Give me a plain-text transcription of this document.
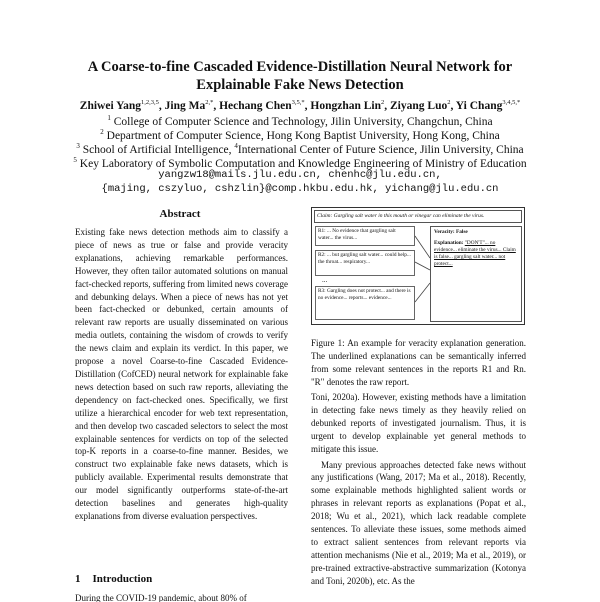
A Coarse-to-fine Cascaded Evidence-Distillation Neural Network for
Explainable Fake News Detection
Zhiwei Yang$^{1,2,3,5}$, Jing $Ma^{2,*}$, Hechang Chen$^{3,5,*}$, Hongzhan Lin$^2$, Ziyang Luo$^2$, Yi Chang$^{3,4,5,*}$
$^1$ College of Computer Science and Technology, Jilin University, Changchun, China
$^2$ Department of Computer Science, Hong Kong Baptist University, Hong Kong, China
$^3$ School of Artificial Intelligence, $^4$International Center of Future Science, Jilin University, China
$^5$ Key Laboratory of Symbolic Computation and Knowledge Engineering of Ministry of Education
yangzw18@mails.jlu.edu.cn, chenhc@jlu.edu.cn,
{majing, cszyluo, cshzlin}@comp.hkbu.edu.hk, yichang@jlu.edu.cn
Abstract
Existing fake news detection methods aim to classify a piece of news as true or false and provide veracity explanations, achieving remarkable performances. However, they often tailor automated solutions on manual fact-checked reports, suffering from limited news coverage and debunking delays. When a piece of news has not yet been fact-checked or debunked, certain amounts of relevant raw reports are usually disseminated on various media outlets, containing the wisdom of crowds to verify the news claim and explain its verdict. In this paper, we propose a novel Coarse-to-fine Cascaded Evidence-Distillation (CofCED) neural network for explainable fake news detection based on such raw reports, alleviating the dependency on fact-checked ones. Specifically, we first utilize a hierarchical encoder for web text representation, and then develop two cascaded selectors to select the most explainable sentences for verdicts on top of the selected top-K reports in a coarse-to-fine manner. Besides, we construct two explainable fake news datasets, which is publicly available. Experimental results demonstrate that our model significantly outperforms state-of-the-art detection baselines and generates high-quality explanations from diverse evaluation perspectives.
1 Introduction
During the COVID-19 pandemic, about 80% of
Claim: Gargling salt water in this mouth or vinegar can eliminate the virus.
R1: ... No evidence that gargling salt water... the virus...
R2: ... but gargling salt water... could help... the throat... respiratory...
...
R3: Gargling does not protect... and there is no evidence... reports... evidence...
Veracity: False
Explanation: "DON'T"... no evidence... eliminate the virus... Claim is false... gargling salt water... not protect...
Figure 1: An example for veracity explanation generation. The underlined explanations can be semantically inferred from some relevant sentences in the reports R1 and Rn. "R" denotes the raw report.

Toni, 2020a). However, existing methods have a limitation in detecting fake news timely as they heavily relied on debunked reports of investigated journalism. Thus, it is urgent to develop explainable yet general methods to mitigate this issue.

Many previous approaches detected fake news without any justifications (Wang, 2017; Ma et al., 2018). Recently, some explainable methods highlighted salient words or phrases in relevant reports as explanations (Popat et al., 2018; Wu et al., 2021), which lack readable complete sentences. To alleviate these issues, some methods aimed to extract salient sentences from relevant reports via attention mechanisms (Nie et al., 2019; Ma et al., 2019), or pre-trained extractive-abstractive summarization (Kotonya and Toni, 2020b), etc. As the
